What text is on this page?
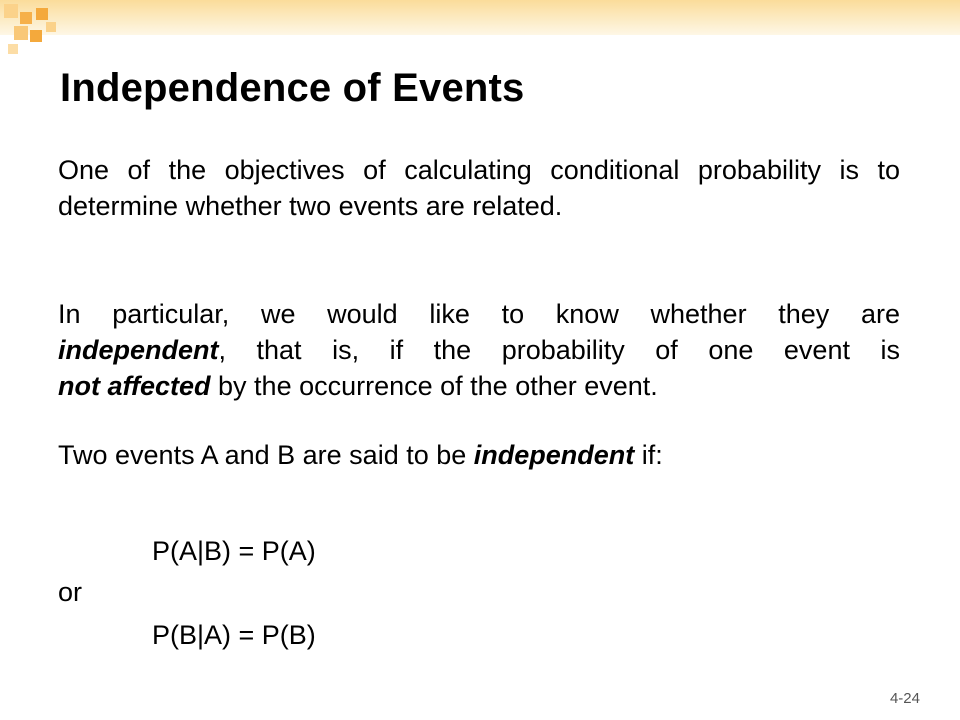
Independence of Events

One of the objectives of calculating conditional probability is to determine whether two events are related.

In particular, we would like to know whether they are

independent, that is, if the probability of one event is

not affected by the occurrence of the other event.

Two events A and B are said to be independent if:

P(A|B) = P(A)

or

P(B|A) = P(B)

4-24
